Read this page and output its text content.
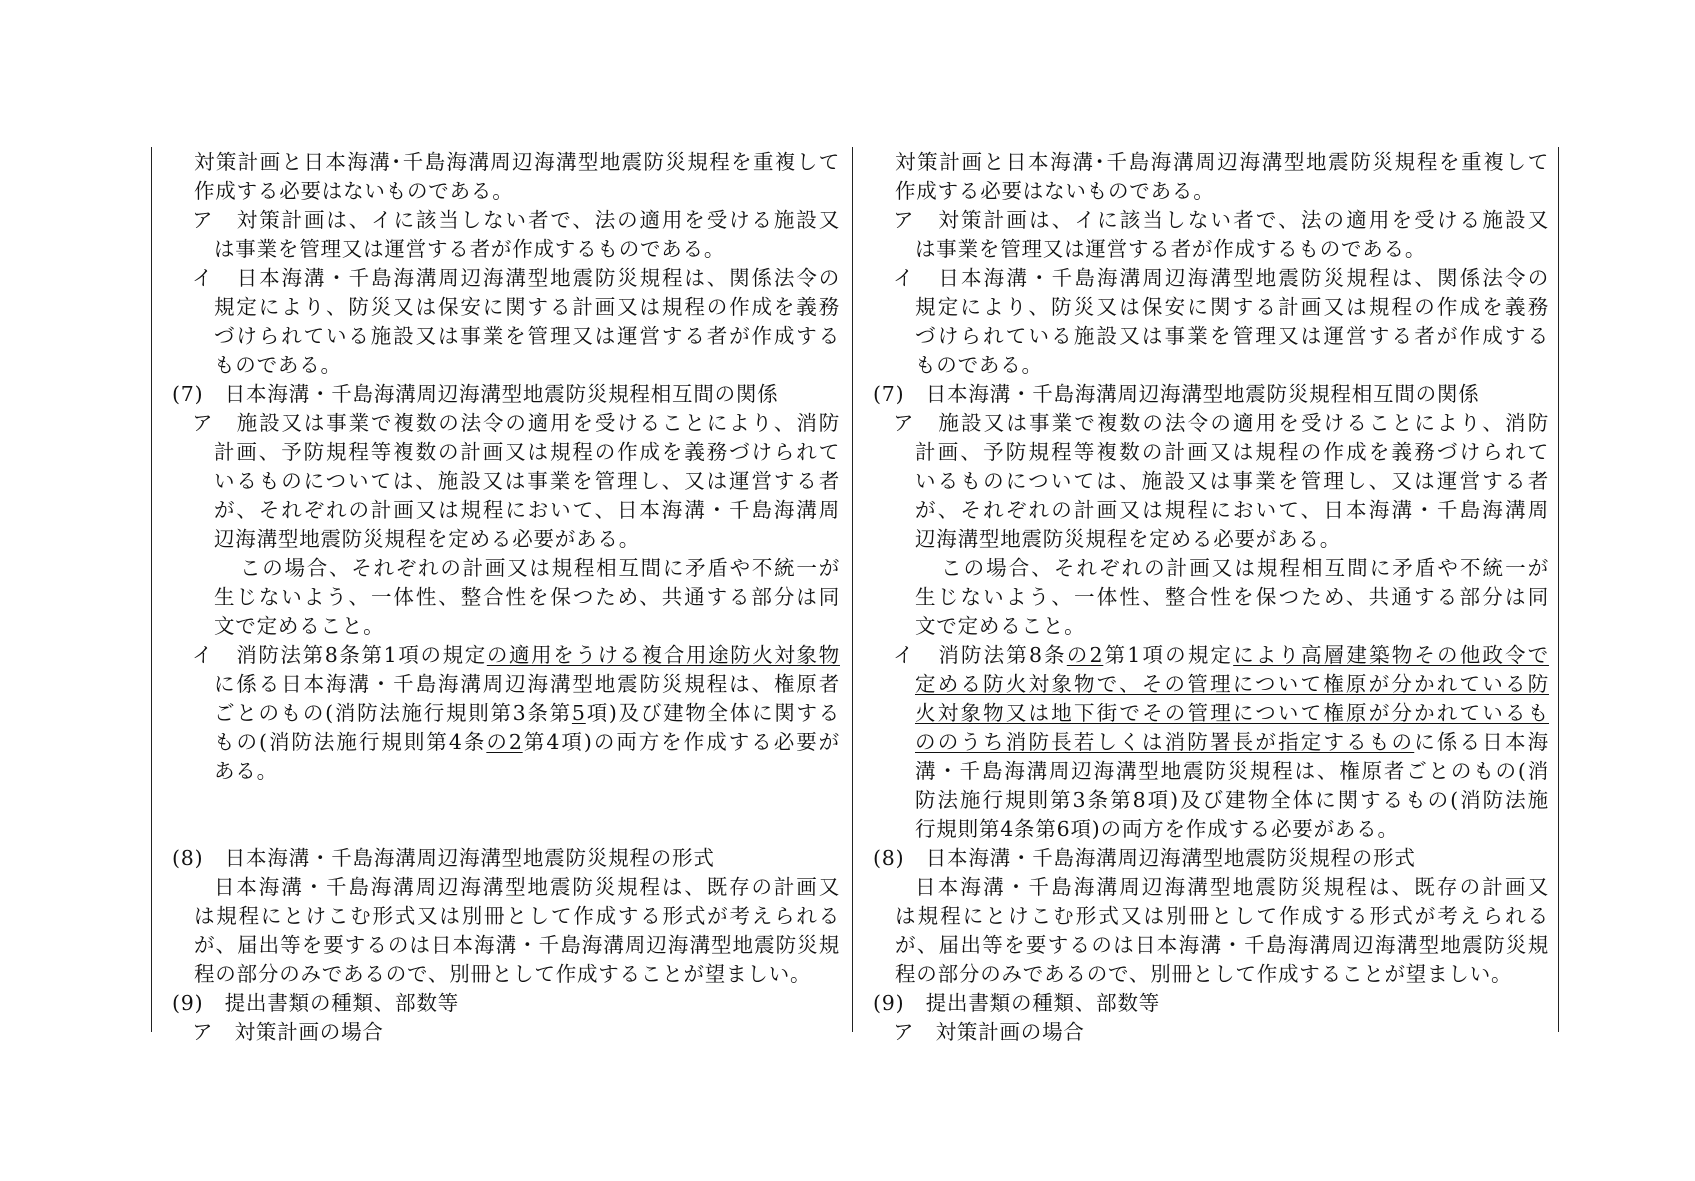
対策計画と日本海溝･千島海溝周辺海溝型地震防災規程を重複して
作成する必要はないものである。
ア　対策計画は、イに該当しない者で、法の適用を受ける施設又
は事業を管理又は運営する者が作成するものである。
イ　日本海溝・千島海溝周辺海溝型地震防災規程は、関係法令の
規定により、防災又は保安に関する計画又は規程の作成を義務
づけられている施設又は事業を管理又は運営する者が作成する
ものである。
(7)　日本海溝・千島海溝周辺海溝型地震防災規程相互間の関係
ア　施設又は事業で複数の法令の適用を受けることにより、消防
計画、予防規程等複数の計画又は規程の作成を義務づけられて
いるものについては、施設又は事業を管理し、又は運営する者
が、それぞれの計画又は規程において、日本海溝・千島海溝周
辺海溝型地震防災規程を定める必要がある。
この場合、それぞれの計画又は規程相互間に矛盾や不統一が
生じないよう、一体性、整合性を保つため、共通する部分は同
文で定めること。
イ　消防法第8条第1項の規定の適用をうける複合用途防火対象物
に係る日本海溝・千島海溝周辺海溝型地震防災規程は、権原者
ごとのもの(消防法施行規則第3条第5項)及び建物全体に関する
もの(消防法施行規則第4条の2第4項)の両方を作成する必要が
ある。
(8)　日本海溝・千島海溝周辺海溝型地震防災規程の形式
日本海溝・千島海溝周辺海溝型地震防災規程は、既存の計画又
は規程にとけこむ形式又は別冊として作成する形式が考えられる
が、届出等を要するのは日本海溝・千島海溝周辺海溝型地震防災規
程の部分のみであるので、別冊として作成することが望ましい。
(9)　提出書類の種類、部数等
ア　対策計画の場合
対策計画と日本海溝･千島海溝周辺海溝型地震防災規程を重複して
作成する必要はないものである。
ア　対策計画は、イに該当しない者で、法の適用を受ける施設又
は事業を管理又は運営する者が作成するものである。
イ　日本海溝・千島海溝周辺海溝型地震防災規程は、関係法令の
規定により、防災又は保安に関する計画又は規程の作成を義務
づけられている施設又は事業を管理又は運営する者が作成する
ものである。
(7)　日本海溝・千島海溝周辺海溝型地震防災規程相互間の関係
ア　施設又は事業で複数の法令の適用を受けることにより、消防
計画、予防規程等複数の計画又は規程の作成を義務づけられて
いるものについては、施設又は事業を管理し、又は運営する者
が、それぞれの計画又は規程において、日本海溝・千島海溝周
辺海溝型地震防災規程を定める必要がある。
この場合、それぞれの計画又は規程相互間に矛盾や不統一が
生じないよう、一体性、整合性を保つため、共通する部分は同
文で定めること。
イ　消防法第8条の2第1項の規定により高層建築物その他政令で
定める防火対象物で、その管理について権原が分かれている防
火対象物又は地下街でその管理について権原が分かれているも
ののうち消防長若しくは消防署長が指定するものに係る日本海
溝・千島海溝周辺海溝型地震防災規程は、権原者ごとのもの(消
防法施行規則第3条第8項)及び建物全体に関するもの(消防法施
行規則第4条第6項)の両方を作成する必要がある。
(8)　日本海溝・千島海溝周辺海溝型地震防災規程の形式
日本海溝・千島海溝周辺海溝型地震防災規程は、既存の計画又
は規程にとけこむ形式又は別冊として作成する形式が考えられる
が、届出等を要するのは日本海溝・千島海溝周辺海溝型地震防災規
程の部分のみであるので、別冊として作成することが望ましい。
(9)　提出書類の種類、部数等
ア　対策計画の場合
